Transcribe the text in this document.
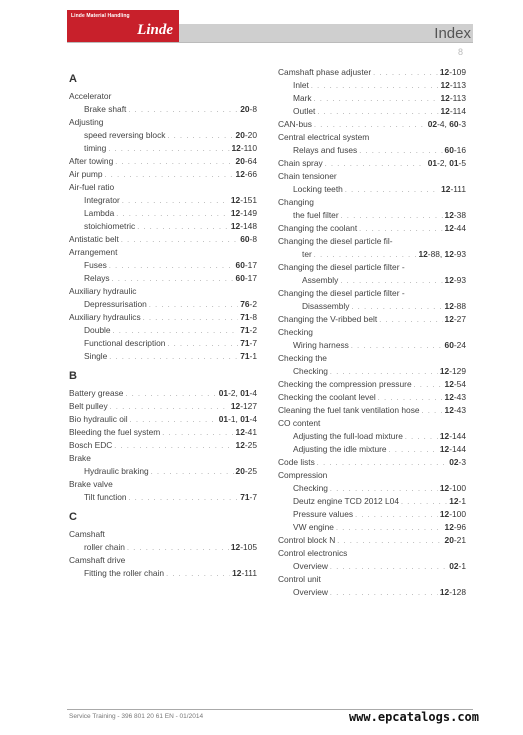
Linde Material Handling
Linde	Index
8
A
Accelerator
Brake shaft . . .	20-8
Adjusting
speed reversing block . . .	20-20
timing . . .	12-110
After towing . . .	20-64
Air pump . . .	12-66
Air-fuel ratio
Integrator . . .	12-151
Lambda . . .	12-149
stoichiometric . . .	12-148
Antistatic belt . . .	60-8
Arrangement
Fuses . . .	60-17
Relays . . .	60-17
Auxiliary hydraulic
Depressurisation . . .	76-2
Auxiliary hydraulics . . .	71-8
Double . . .	71-2
Functional description . . .	71-7
Single . . .	71-1
B
Battery grease . . .	01-2, 01-4
Belt pulley . . .	12-127
Bio hydraulic oil . . .	01-1, 01-4
Bleeding the fuel system . . .	12-41
Bosch EDC . . .	12-25
Brake
Hydraulic braking . . .	20-25
Brake valve
Tilt function . . .	71-7
C
Camshaft
roller chain . . .	12-105
Camshaft drive
Fitting the roller chain . . .	12-111
Camshaft phase adjuster . . .	12-109
Inlet . . .	12-113
Mark . . .	12-113
Outlet . . .	12-114
CAN-bus . . .	02-4, 60-3
Central electrical system
Relays and fuses . . .	60-16
Chain spray . . .	01-2, 01-5
Chain tensioner
Locking teeth . . .	12-111
Changing
the fuel filter . . .	12-38
Changing the coolant . . .	12-44
Changing the diesel particle fil-
ter . . .	12-88, 12-93
Changing the diesel particle filter -
Assembly . . .	12-93
Changing the diesel particle filter -
Disassembly . . .	12-88
Changing the V-ribbed belt . . .	12-27
Checking
Wiring harness . . .	60-24
Checking the
Checking . . .	12-129
Checking the compression pressure . . .	12-54
Checking the coolant level . . .	12-43
Cleaning the fuel tank ventilation hose . . .	12-43
CO content
Adjusting the full-load mixture . . .	12-144
Adjusting the idle mixture . . .	12-144
Code lists . . .	02-3
Compression
Checking . . .	12-100
Deutz engine TCD 2012 L04 . . .	12-1
Pressure values . . .	12-100
VW engine . . .	12-96
Control block N . . .	20-21
Control electronics
Overview . . .	02-1
Control unit
Overview . . .	12-128
Service Training - 396 801 20 61 EN - 01/2014	www.epcatalogs.com
